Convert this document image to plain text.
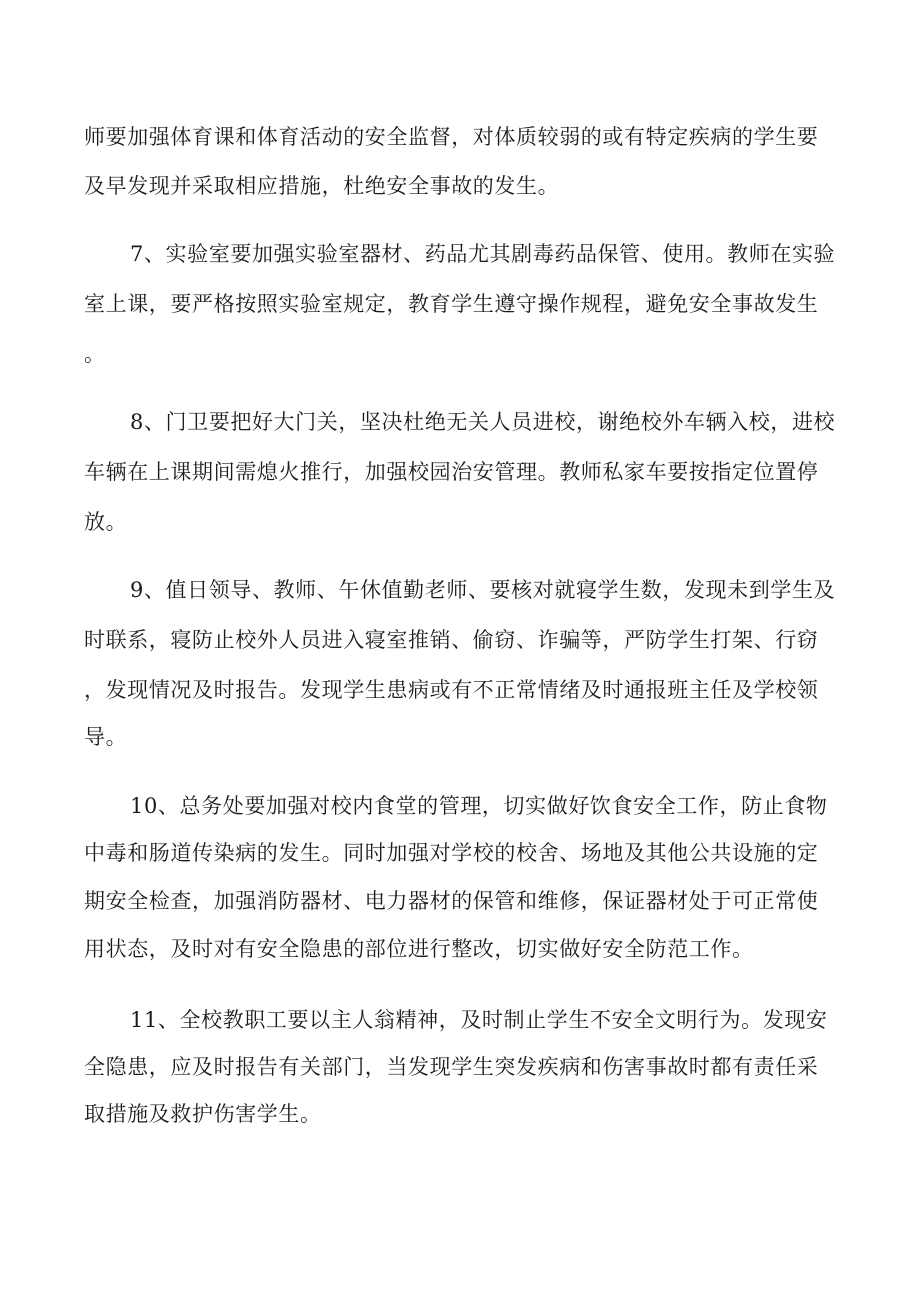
师要加强体育课和体育活动的安全监督，对体质较弱的或有特定疾病的学生要
及早发现并采取相应措施，杜绝安全事故的发生。
7、实验室要加强实验室器材、药品尤其剧毒药品保管、使用。教师在实验
室上课，要严格按照实验室规定，教育学生遵守操作规程，避免安全事故发生
。
8、门卫要把好大门关，坚决杜绝无关人员进校，谢绝校外车辆入校，进校
车辆在上课期间需熄火推行，加强校园治安管理。教师私家车要按指定位置停
放。
9、值日领导、教师、午休值勤老师、要核对就寝学生数，发现未到学生及
时联系，寝防止校外人员进入寝室推销、偷窃、诈骗等，严防学生打架、行窃
，发现情况及时报告。发现学生患病或有不正常情绪及时通报班主任及学校领
导。
10、总务处要加强对校内食堂的管理，切实做好饮食安全工作，防止食物
中毒和肠道传染病的发生。同时加强对学校的校舍、场地及其他公共设施的定
期安全检查，加强消防器材、电力器材的保管和维修，保证器材处于可正常使
用状态，及时对有安全隐患的部位进行整改，切实做好安全防范工作。
11、全校教职工要以主人翁精神，及时制止学生不安全文明行为。发现安
全隐患，应及时报告有关部门，当发现学生突发疾病和伤害事故时都有责任采
取措施及救护伤害学生。
